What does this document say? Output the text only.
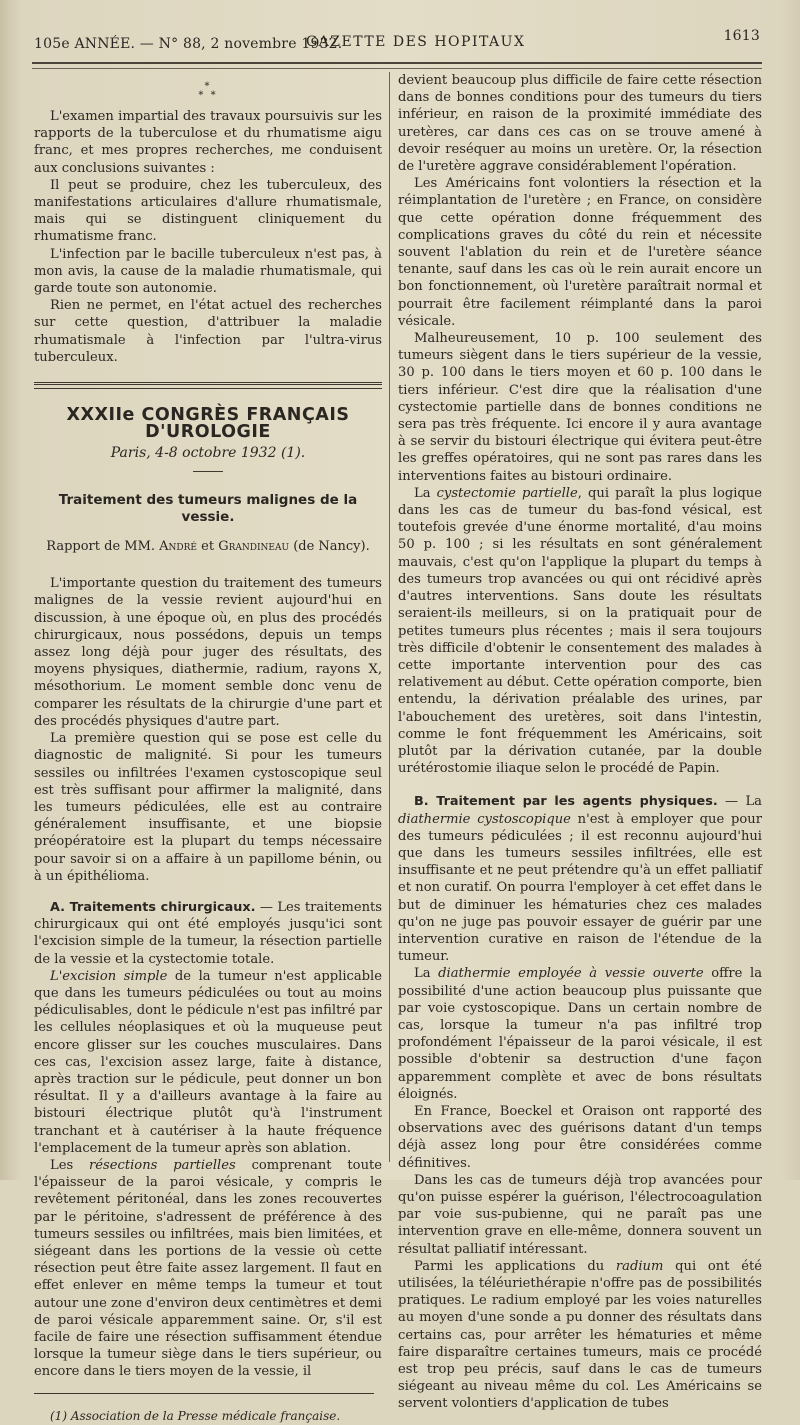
105e ANNÉE. — N° 88, 2 novembre 1932.
GAZETTE DES HOPITAUX	1613
*
* *

L'examen impartial des travaux poursuivis sur les rapports de la tuberculose et du rhumatisme aigu franc, et mes propres recherches, me conduisent aux conclusions suivantes :

Il peut se produire, chez les tuberculeux, des manifestations articulaires d'allure rhumatismale, mais qui se distinguent cliniquement du rhumatisme franc.

L'infection par le bacille tuberculeux n'est pas, à mon avis, la cause de la maladie rhumatismale, qui garde toute son autonomie.

Rien ne permet, en l'état actuel des recherches sur cette question, d'attribuer la maladie rhumatismale à l'infection par l'ultra-virus tuberculeux.

XXXIIe CONGRÈS FRANÇAIS D'UROLOGIE
Paris, 4-8 octobre 1932 (1).
Traitement des tumeurs malignes de la vessie.
Rapport de MM. André et Grandineau (de Nancy).

L'importante question du traitement des tumeurs malignes de la vessie revient aujourd'hui en discussion, à une époque où, en plus des procédés chirurgicaux, nous possédons, depuis un temps assez long déjà pour juger des résultats, des moyens physiques, diathermie, radium, rayons X, mésothorium. Le moment semble donc venu de comparer les résultats de la chirurgie d'une part et des procédés physiques d'autre part.

La première question qui se pose est celle du diagnostic de malignité. Si pour les tumeurs sessiles ou infiltrées l'examen cystoscopique seul est très suffisant pour affirmer la malignité, dans les tumeurs pédiculées, elle est au contraire généralement insuffisante, et une biopsie préopératoire est la plupart du temps nécessaire pour savoir si on a affaire à un papillome bénin, ou à un épithélioma.

A. Traitements chirurgicaux. — Les traitements chirurgicaux qui ont été employés jusqu'ici sont l'excision simple de la tumeur, la résection partielle de la vessie et la cystectomie totale.

L'excision simple de la tumeur n'est applicable que dans les tumeurs pédiculées ou tout au moins pédiculisables, dont le pédicule n'est pas infiltré par les cellules néoplasiques et où la muqueuse peut encore glisser sur les couches musculaires. Dans ces cas, l'excision assez large, faite à distance, après traction sur le pédicule, peut donner un bon résultat. Il y a d'ailleurs avantage à la faire au bistouri électrique plutôt qu'à l'instrument tranchant et à cautériser à la haute fréquence l'emplacement de la tumeur après son ablation.

Les résections partielles comprenant toute l'épaisseur de la paroi vésicale, y compris le revêtement péritonéal, dans les zones recouvertes par le péritoine, s'adressent de préférence à des tumeurs sessiles ou infiltrées, mais bien limitées, et siégeant dans les portions de la vessie où cette résection peut être faite assez largement. Il faut en effet enlever en même temps la tumeur et tout autour une zone d'environ deux centimètres et demi de paroi vésicale apparemment saine. Or, s'il est facile de faire une résection suffisamment étendue lorsque la tumeur siège dans le tiers supérieur, ou encore dans le tiers moyen de la vessie, il

(1) Association de la Presse médicale française.

devient beaucoup plus difficile de faire cette résection dans de bonnes conditions pour des tumeurs du tiers inférieur, en raison de la proximité immédiate des uretères, car dans ces cas on se trouve amené à devoir reséquer au moins un uretère. Or, la résection de l'uretère aggrave considérablement l'opération.

Les Américains font volontiers la résection et la réimplantation de l'uretère ; en France, on considère que cette opération donne fréquemment des complications graves du côté du rein et nécessite souvent l'ablation du rein et de l'uretère séance tenante, sauf dans les cas où le rein aurait encore un bon fonctionnement, où l'uretère paraîtrait normal et pourrait être facilement réimplanté dans la paroi vésicale.

Malheureusement, 10 p. 100 seulement des tumeurs siègent dans le tiers supérieur de la vessie, 30 p. 100 dans le tiers moyen et 60 p. 100 dans le tiers inférieur. C'est dire que la réalisation d'une cystectomie partielle dans de bonnes conditions ne sera pas très fréquente. Ici encore il y aura avantage à se servir du bistouri électrique qui évitera peut-être les greffes opératoires, qui ne sont pas rares dans les interventions faites au bistouri ordinaire.

La cystectomie partielle, qui paraît la plus logique dans les cas de tumeur du bas-fond vésical, est toutefois grevée d'une énorme mortalité, d'au moins 50 p. 100 ; si les résultats en sont généralement mauvais, c'est qu'on l'applique la plupart du temps à des tumeurs trop avancées ou qui ont récidivé après d'autres interventions. Sans doute les résultats seraient-ils meilleurs, si on la pratiquait pour de petites tumeurs plus récentes ; mais il sera toujours très difficile d'obtenir le consentement des malades à cette importante intervention pour des cas relativement au début. Cette opération comporte, bien entendu, la dérivation préalable des urines, par l'abouchement des uretères, soit dans l'intestin, comme le font fréquemment les Américains, soit plutôt par la dérivation cutanée, par la double urétérostomie iliaque selon le procédé de Papin.

B. Traitement par les agents physiques. — La diathermie cystoscopique n'est à employer que pour des tumeurs pédiculées ; il est reconnu aujourd'hui que dans les tumeurs sessiles infiltrées, elle est insuffisante et ne peut prétendre qu'à un effet palliatif et non curatif. On pourra l'employer à cet effet dans le but de diminuer les hématuries chez ces malades qu'on ne juge pas pouvoir essayer de guérir par une intervention curative en raison de l'étendue de la tumeur.

La diathermie employée à vessie ouverte offre la possibilité d'une action beaucoup plus puissante que par voie cystoscopique. Dans un certain nombre de cas, lorsque la tumeur n'a pas infiltré trop profondément l'épaisseur de la paroi vésicale, il est possible d'obtenir sa destruction d'une façon apparemment complète et avec de bons résultats éloignés.

En France, Boeckel et Oraison ont rapporté des observations avec des guérisons datant d'un temps déjà assez long pour être considérées comme définitives.

Dans les cas de tumeurs déjà trop avancées pour qu'on puisse espérer la guérison, l'électrocoagulation par voie sus-pubienne, qui ne paraît pas une intervention grave en elle-même, donnera souvent un résultat palliatif intéressant.

Parmi les applications du radium qui ont été utilisées, la téléuriethérapie n'offre pas de possibilités pratiques. Le radium employé par les voies naturelles au moyen d'une sonde a pu donner des résultats dans certains cas, pour arrêter les hématuries et même faire disparaître certaines tumeurs, mais ce procédé est trop peu précis, sauf dans le cas de tumeurs siégeant au niveau même du col. Les Américains se servent volontiers d'application de tubes
